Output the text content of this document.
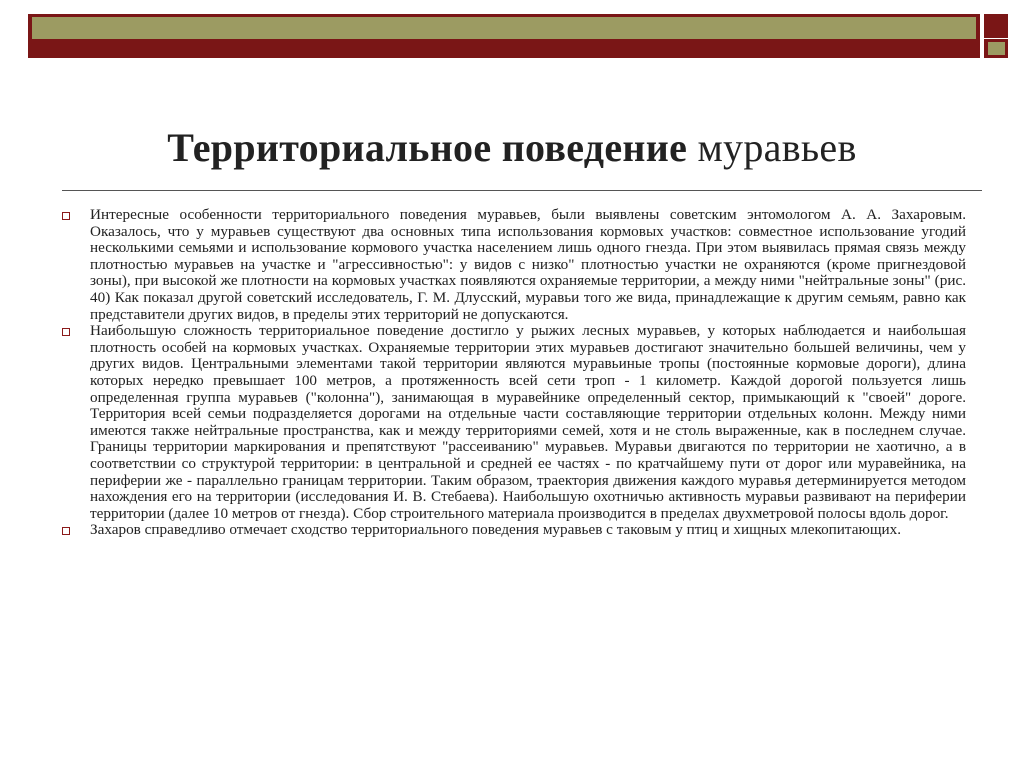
Территориальное поведение муравьев
Интересные особенности территориального поведения муравьев, были выявлены советским энтомологом А. А. Захаровым. Оказалось, что у муравьев существуют два основных типа использования кормовых участков: совместное использование угодий несколькими семьями и использование кормового участка населением лишь одного гнезда. При этом выявилась прямая связь между плотностью муравьев на участке и "агрессивностью": у видов с низко" плотностью участки не охраняются (кроме пригнездовой зоны), при высокой же плотности на кормовых участках появляются охраняемые территории, а между ними "нейтральные зоны" (рис. 40) Как показал другой советский исследователь, Г. М. Длусский, муравьи того же вида, принадлежащие к другим семьям, равно как представители других видов, в пределы этих территорий не допускаются.
Наибольшую сложность территориальное поведение достигло у рыжих лесных муравьев, у которых наблюдается и наибольшая плотность особей на кормовых участках. Охраняемые территории этих муравьев достигают значительно большей величины, чем у других видов. Центральными элементами такой территории являются муравьиные тропы (постоянные кормовые дороги), длина которых нередко превышает 100 метров, а протяженность всей сети троп - 1 километр. Каждой дорогой пользуется лишь определенная группа муравьев ("колонна"), занимающая в муравейнике определенный сектор, примыкающий к "своей" дороге. Территория всей семьи подразделяется дорогами на отдельные части составляющие территории отдельных колонн. Между ними имеются также нейтральные пространства, как и между территориями семей, хотя и не столь выраженные, как в последнем случае. Границы территории маркирования и препятствуют "рассеиванию" муравьев. Муравьи двигаются по территории не хаотично, а в соответствии со структурой территории: в центральной и средней ее частях - по кратчайшему пути от дорог или муравейника, на периферии же - параллельно границам территории. Таким образом, траектория движения каждого муравья детерминируется методом нахождения его на территории (исследования И. В. Стебаева). Наибольшую охотничью активность муравьи развивают на периферии территории (далее 10 метров от гнезда). Сбор строительного материала производится в пределах двухметровой полосы вдоль дорог.
Захаров справедливо отмечает сходство территориального поведения муравьев с таковым у птиц и хищных млекопитающих.
